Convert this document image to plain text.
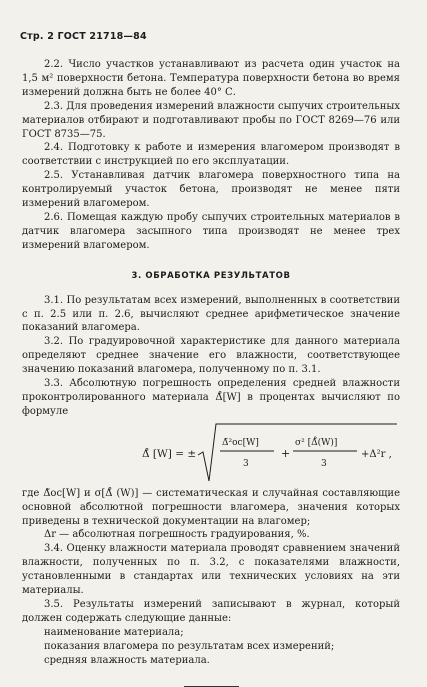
Стр. 2 ГОСТ 21718—84

2.2. Число участков устанавливают из расчета один участок на 1,5 м² поверхности бетона. Температура поверхности бетона во время измерений должна быть не более 40° С.

2.3. Для проведения измерений влажности сыпучих строительных материалов отбирают и подготавливают пробы по ГОСТ 8269—76 или ГОСТ 8735—75.

2.4. Подготовку к работе и измерения влагомером производят в соответствии с инструкцией по его эксплуатации.

2.5. Устанавливая датчик влагомера поверхностного типа на контролируемый участок бетона, производят не менее пяти измерений влагомером.

2.6. Помещая каждую пробу сыпучих строительных материалов в датчик влагомера засыпного типа производят не менее трех измерений влагомером.

3. ОБРАБОТКА РЕЗУЛЬТАТОВ

3.1. По результатам всех измерений, выполненных в соответствии с п. 2.5 или п. 2.6, вычисляют среднее арифметическое значение показаний влагомера.

3.2. По градуировочной характеристике для данного материала определяют среднее значение его влажности, соответствующее значению показаний влагомера, полученному по п. 3.1.

3.3. Абсолютную погрешность определения средней влажности проконтролированного материала Δ̊[W] в процентах вычисляют по формуле

Δ̊ [W] = ±
Δ̃²oc[W]
3
+
σ² [Δ̊(W)]
3
+Δ²r ,

где Δ̃oc[W] и σ[Δ̊ (W)] — систематическая и случайная составляющие основной абсолютной погрешности влагомера, значения которых приведены в технической документации на влагомер;

Δr — абсолютная погрешность градуирования, %.

3.4. Оценку влажности материала проводят сравнением значений влажности, полученных по п. 3.2, с показателями влажности, установленными в стандартах или технических условиях на эти материалы.

3.5. Результаты измерений записывают в журнал, который должен содержать следующие данные:

наименование материала;

показания влагомера по результатам всех измерений;

средняя влажность материала.
